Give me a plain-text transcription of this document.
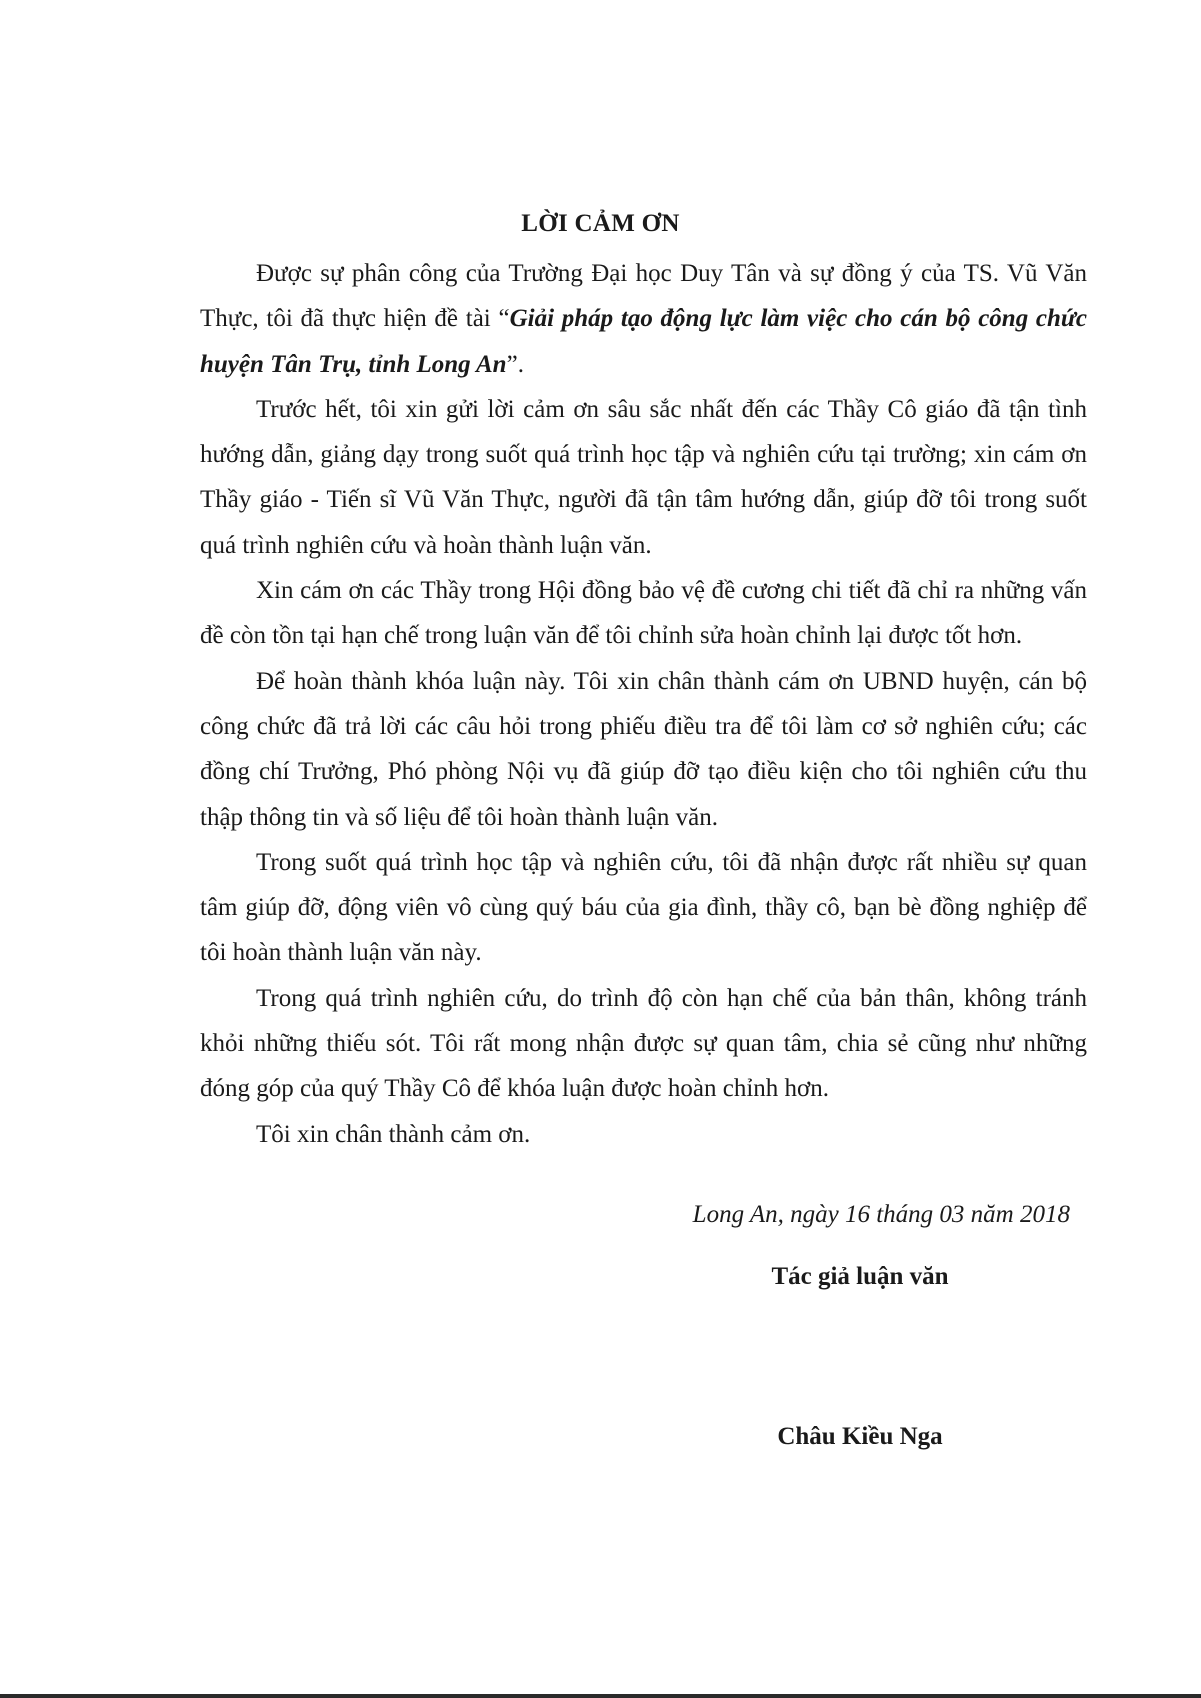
LỜI CẢM ƠN

Được sự phân công của Trường Đại học Duy Tân và sự đồng ý của TS. Vũ Văn Thực, tôi đã thực hiện đề tài “Giải pháp tạo động lực làm việc cho cán bộ công chức huyện Tân Trụ, tỉnh Long An”.

Trước hết, tôi xin gửi lời cảm ơn sâu sắc nhất đến các Thầy Cô giáo đã tận tình hướng dẫn, giảng dạy trong suốt quá trình học tập và nghiên cứu tại trường; xin cám ơn Thầy giáo - Tiến sĩ Vũ Văn Thực, người đã tận tâm hướng dẫn, giúp đỡ tôi trong suốt quá trình nghiên cứu và hoàn thành luận văn.

Xin cám ơn các Thầy trong Hội đồng bảo vệ đề cương chi tiết đã chỉ ra những vấn đề còn tồn tại hạn chế trong luận văn để tôi chỉnh sửa hoàn chỉnh lại được tốt hơn.

Để hoàn thành khóa luận này. Tôi xin chân thành cám ơn UBND huyện, cán bộ công chức đã trả lời các câu hỏi trong phiếu điều tra để tôi làm cơ sở nghiên cứu; các đồng chí Trưởng, Phó phòng Nội vụ đã giúp đỡ tạo điều kiện cho tôi nghiên cứu thu thập thông tin và số liệu để tôi hoàn thành luận văn.

Trong suốt quá trình học tập và nghiên cứu, tôi đã nhận được rất nhiều sự quan tâm giúp đỡ, động viên vô cùng quý báu của gia đình, thầy cô, bạn bè đồng nghiệp để tôi hoàn thành luận văn này.

Trong quá trình nghiên cứu, do trình độ còn hạn chế của bản thân, không tránh khỏi những thiếu sót. Tôi rất mong nhận được sự quan tâm, chia sẻ cũng như những đóng góp của quý Thầy Cô để khóa luận được hoàn chỉnh hơn.

Tôi xin chân thành cảm ơn.

Long An, ngày 16 tháng 03 năm 2018
Tác giả luận văn
Châu Kiều Nga
